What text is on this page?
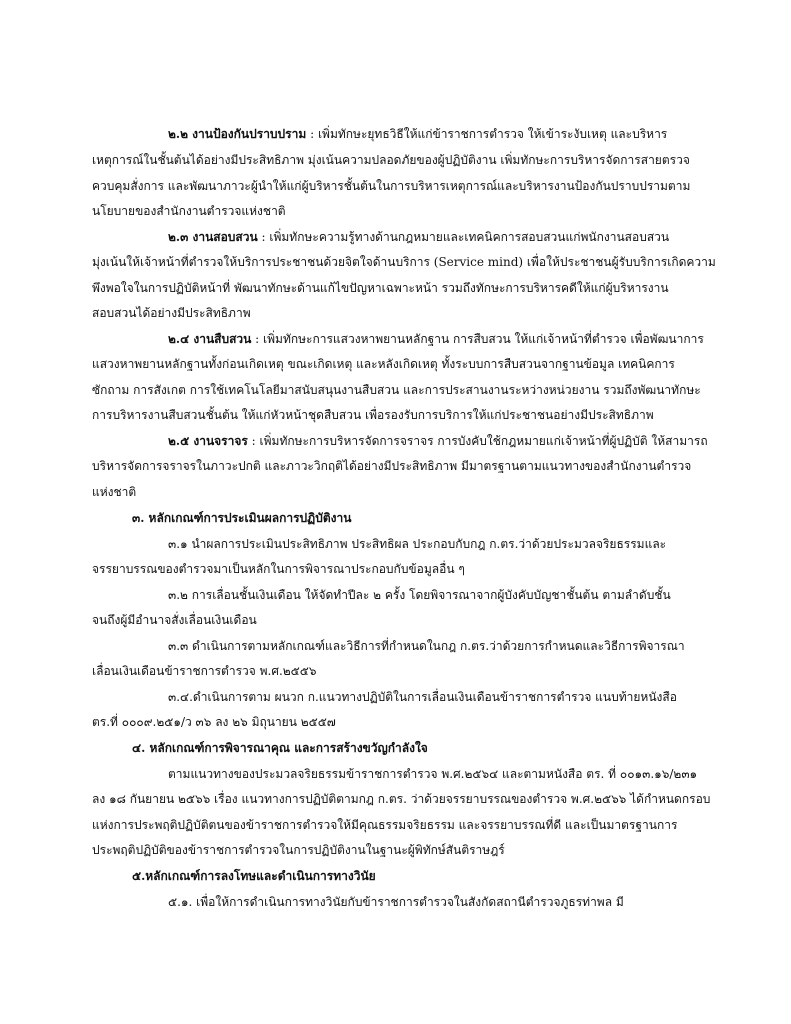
๒.๒ งานป้องกันปราบปราม : เพิ่มทักษะยุทธวิธีให้แก่ข้าราชการตำรวจ ให้เข้าระงับเหตุ และบริหาร
เหตุการณ์ในชั้นต้นได้อย่างมีประสิทธิภาพ มุ่งเน้นความปลอดภัยของผู้ปฏิบัติงาน เพิ่มทักษะการบริหารจัดการสายตรวจ
ควบคุมสั่งการ และพัฒนาภาวะผู้นำให้แก่ผู้บริหารชั้นต้นในการบริหารเหตุการณ์และบริหารงานป้องกันปราบปรามตาม
นโยบายของสำนักงานตำรวจแห่งชาติ
๒.๓ งานสอบสวน : เพิ่มทักษะความรู้ทางด้านกฎหมายและเทคนิคการสอบสวนแก่พนักงานสอบสวน
มุ่งเน้นให้เจ้าหน้าที่ตำรวจให้บริการประชาชนด้วยจิตใจด้านบริการ (Service mind) เพื่อให้ประชาชนผู้รับบริการเกิดความ
พึงพอใจในการปฏิบัติหน้าที่ พัฒนาทักษะด้านแก้ไขปัญหาเฉพาะหน้า รวมถึงทักษะการบริหารคดีให้แก่ผู้บริหารงาน
สอบสวนได้อย่างมีประสิทธิภาพ
๒.๔ งานสืบสวน : เพิ่มทักษะการแสวงหาพยานหลักฐาน การสืบสวน ให้แก่เจ้าหน้าที่ตำรวจ เพื่อพัฒนาการ
แสวงหาพยานหลักฐานทั้งก่อนเกิดเหตุ ขณะเกิดเหตุ และหลังเกิดเหตุ ทั้งระบบการสืบสวนจากฐานข้อมูล เทคนิคการ
ซักถาม การสังเกต การใช้เทคโนโลยีมาสนับสนุนงานสืบสวน และการประสานงานระหว่างหน่วยงาน รวมถึงพัฒนาทักษะ
การบริหารงานสืบสวนชั้นต้น ให้แก่หัวหน้าชุดสืบสวน เพื่อรองรับการบริการให้แก่ประชาชนอย่างมีประสิทธิภาพ
๒.๕ งานจราจร : เพิ่มทักษะการบริหารจัดการจราจร การบังคับใช้กฎหมายแก่เจ้าหน้าที่ผู้ปฏิบัติ ให้สามารถ
บริหารจัดการจราจรในภาวะปกติ และภาวะวิกฤติได้อย่างมีประสิทธิภาพ มีมาตรฐานตามแนวทางของสำนักงานตำรวจ
แห่งชาติ
๓. หลักเกณฑ์การประเมินผลการปฏิบัติงาน
๓.๑ นำผลการประเมินประสิทธิภาพ ประสิทธิผล ประกอบกับกฎ ก.ตร.ว่าด้วยประมวลจริยธรรมและ
จรรยาบรรณของตำรวจมาเป็นหลักในการพิจารณาประกอบกับข้อมูลอื่น ๆ
๓.๒ การเลื่อนชั้นเงินเดือน ให้จัดทำปีละ ๒ ครั้ง โดยพิจารณาจากผู้บังคับบัญชาชั้นต้น ตามลำดับชั้น
จนถึงผู้มีอำนาจสั่งเลื่อนเงินเดือน
๓.๓ ดำเนินการตามหลักเกณฑ์และวิธีการที่กำหนดในกฎ ก.ตร.ว่าด้วยการกำหนดและวิธีการพิจารณา
เลื่อนเงินเดือนข้าราชการตำรวจ พ.ศ.๒๕๕๖
๓.๔.ดำเนินการตาม ผนวก ก.แนวทางปฏิบัติในการเลื่อนเงินเดือนข้าราชการตำรวจ แนบท้ายหนังสือ
ตร.ที่ ๐๐๐๙.๒๕๑/ว ๓๖ ลง ๒๖ มิถุนายน ๒๕๕๗
๔. หลักเกณฑ์การพิจารณาคุณ และการสร้างขวัญกำลังใจ
ตามแนวทางของประมวลจริยธรรมข้าราชการตำรวจ พ.ศ.๒๕๖๔ และตามหนังสือ ตร. ที่ ๐๐๑๓.๑๖/๒๓๑
ลง ๑๘ กันยายน ๒๕๖๖ เรื่อง แนวทางการปฏิบัติตามกฎ ก.ตร. ว่าด้วยจรรยาบรรณของตำรวจ พ.ศ.๒๕๖๖ ได้กำหนดกรอบ
แห่งการประพฤติปฏิบัติตนของข้าราชการตำรวจให้มีคุณธรรมจริยธรรม และจรรยาบรรณที่ดี และเป็นมาตรฐานการ
ประพฤติปฏิบัติของข้าราชการตำรวจในการปฏิบัติงานในฐานะผู้พิทักษ์สันติราษฎร์
๕.หลักเกณฑ์การลงโทษและดำเนินการทางวินัย
๕.๑. เพื่อให้การดำเนินการทางวินัยกับข้าราชการตำรวจในสังกัดสถานีตำรวจภูธรท่าพล มี
